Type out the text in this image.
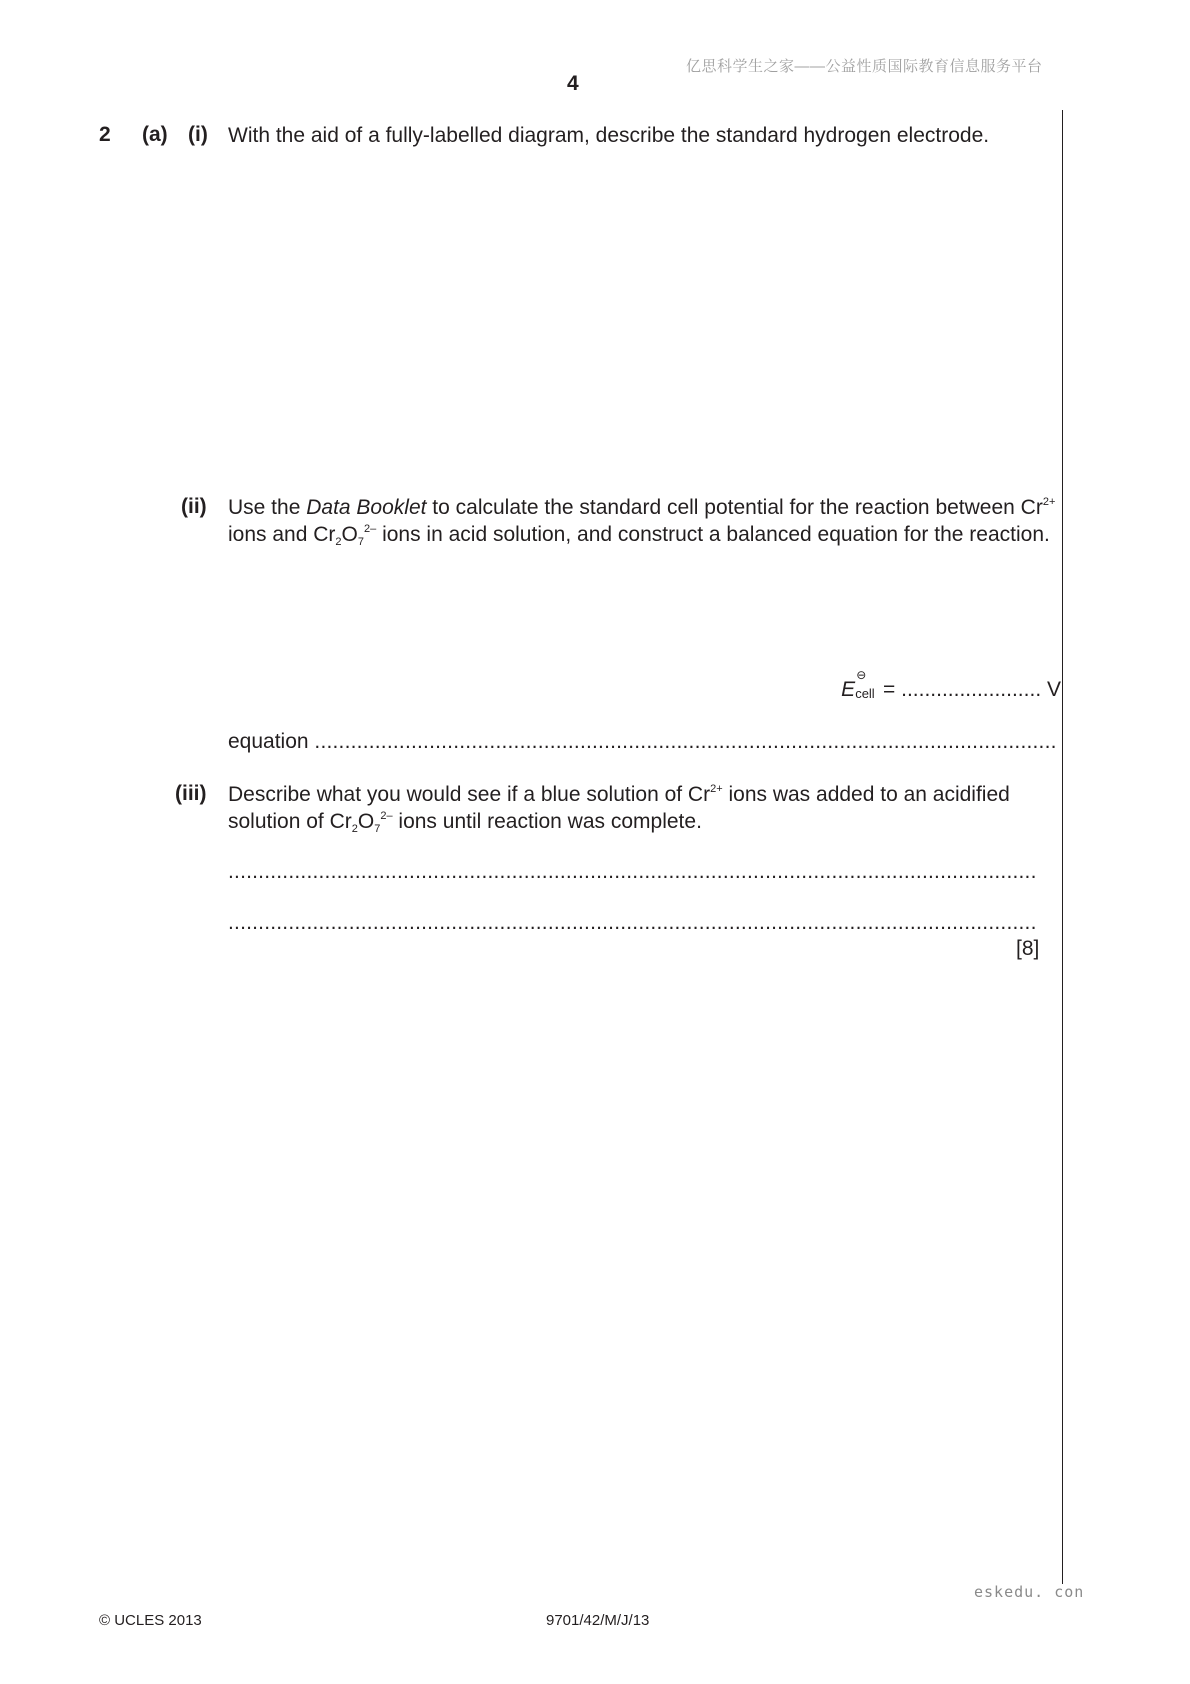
亿思科学生之家——公益性质国际教育信息服务平台
4
2 (a) (i) With the aid of a fully-labelled diagram, describe the standard hydrogen electrode.
(ii) Use the Data Booklet to calculate the standard cell potential for the reaction between $Cr^{2+}$ ions and $Cr_2O_7^{2-}$ ions in acid solution, and construct a balanced equation for the reaction.
E
⊖
cell = ........................ V
equation ...........................................................................................................................
(iii) Describe what you would see if a blue solution of $Cr^{2+}$ ions was added to an acidified solution of $Cr_2O_7^{2-}$ ions until reaction was complete.
......................................................................................................................................
......................................................................................................................................
[8]
eskedu. con
© UCLES 2013	9701/42/M/J/13
